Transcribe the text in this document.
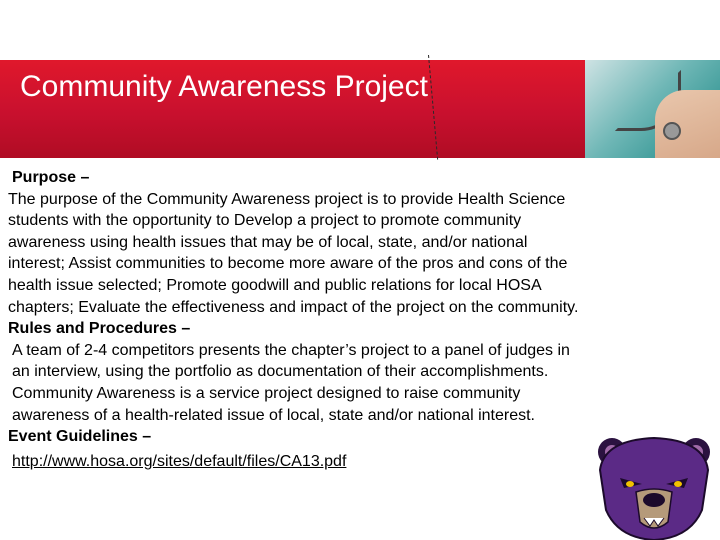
Community Awareness Project
Purpose –
The purpose of the Community Awareness project is to provide Health Science students with the opportunity to Develop a project to promote community awareness using health issues that may be of local, state, and/or national interest; Assist communities to become more aware of the pros and cons of the health issue selected; Promote goodwill and public relations for local HOSA chapters; Evaluate the effectiveness and impact of the project on the community.
Rules and Procedures –
A team of 2-4 competitors presents the chapter’s project to a panel of judges in an interview, using the portfolio as documentation of their accomplishments. Community Awareness is a service project designed to raise community awareness of a health-related issue of local, state and/or national interest.
Event Guidelines –
http://www.hosa.org/sites/default/files/CA13.pdf
